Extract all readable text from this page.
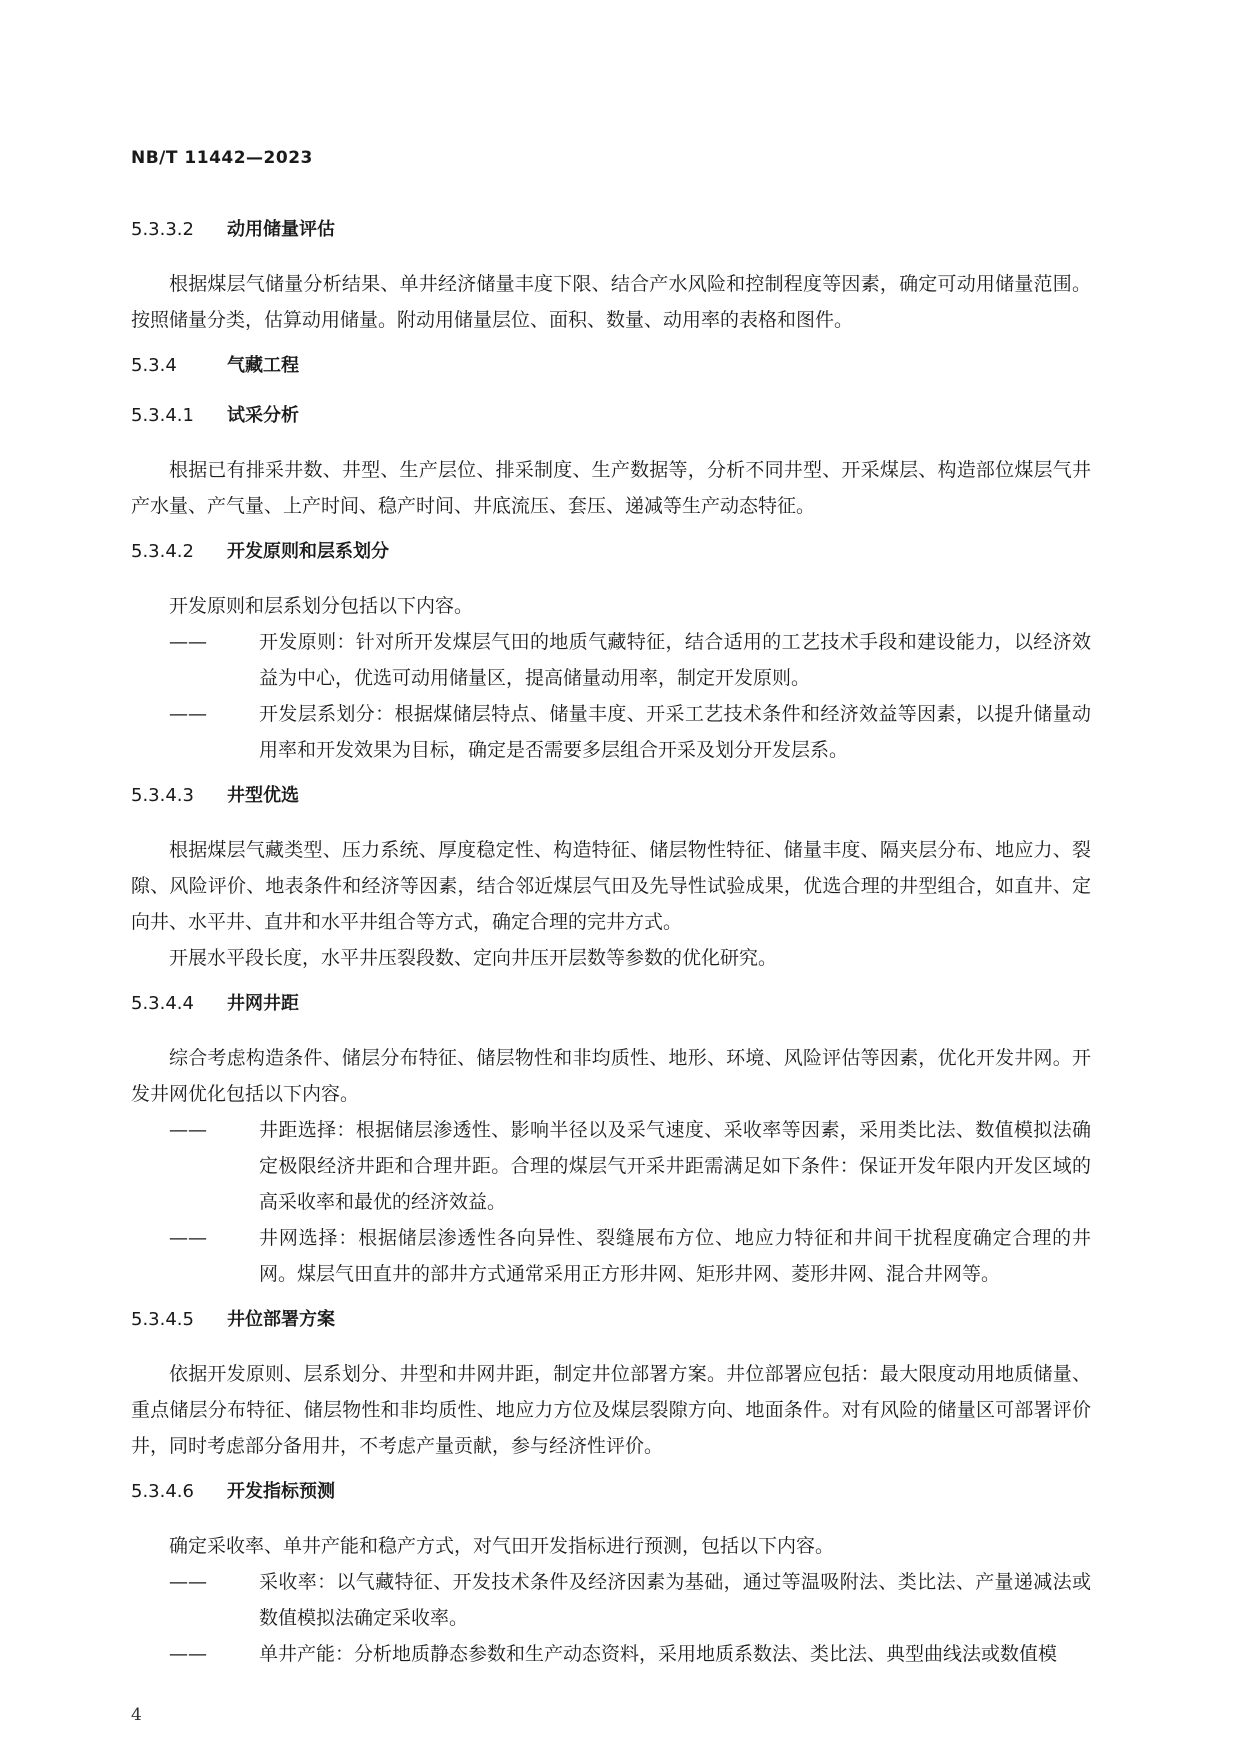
NB/T 11442—2023
5.3.3.2	动用储量评估
根据煤层气储量分析结果、单井经济储量丰度下限、结合产水风险和控制程度等因素，确定可动用储量范围。按照储量分类，估算动用储量。附动用储量层位、面积、数量、动用率的表格和图件。
5.3.4	气藏工程
5.3.4.1	试采分析
根据已有排采井数、井型、生产层位、排采制度、生产数据等，分析不同井型、开采煤层、构造部位煤层气井产水量、产气量、上产时间、稳产时间、井底流压、套压、递减等生产动态特征。
5.3.4.2	开发原则和层系划分
开发原则和层系划分包括以下内容。
——	开发原则：针对所开发煤层气田的地质气藏特征，结合适用的工艺技术手段和建设能力，以经济效益为中心，优选可动用储量区，提高储量动用率，制定开发原则。
——	开发层系划分：根据煤储层特点、储量丰度、开采工艺技术条件和经济效益等因素，以提升储量动用率和开发效果为目标，确定是否需要多层组合开采及划分开发层系。
5.3.4.3	井型优选
根据煤层气藏类型、压力系统、厚度稳定性、构造特征、储层物性特征、储量丰度、隔夹层分布、地应力、裂隙、风险评价、地表条件和经济等因素，结合邻近煤层气田及先导性试验成果，优选合理的井型组合，如直井、定向井、水平井、直井和水平井组合等方式，确定合理的完井方式。
开展水平段长度，水平井压裂段数、定向井压开层数等参数的优化研究。
5.3.4.4	井网井距
综合考虑构造条件、储层分布特征、储层物性和非均质性、地形、环境、风险评估等因素，优化开发井网。开发井网优化包括以下内容。
——	井距选择：根据储层渗透性、影响半径以及采气速度、采收率等因素，采用类比法、数值模拟法确定极限经济井距和合理井距。合理的煤层气开采井距需满足如下条件：保证开发年限内开发区域的高采收率和最优的经济效益。
——	井网选择：根据储层渗透性各向异性、裂缝展布方位、地应力特征和井间干扰程度确定合理的井网。煤层气田直井的部井方式通常采用正方形井网、矩形井网、菱形井网、混合井网等。
5.3.4.5	井位部署方案
依据开发原则、层系划分、井型和井网井距，制定井位部署方案。井位部署应包括：最大限度动用地质储量、重点储层分布特征、储层物性和非均质性、地应力方位及煤层裂隙方向、地面条件。对有风险的储量区可部署评价井，同时考虑部分备用井，不考虑产量贡献，参与经济性评价。
5.3.4.6	开发指标预测
确定采收率、单井产能和稳产方式，对气田开发指标进行预测，包括以下内容。
——	采收率：以气藏特征、开发技术条件及经济因素为基础，通过等温吸附法、类比法、产量递减法或数值模拟法确定采收率。
——	单井产能：分析地质静态参数和生产动态资料，采用地质系数法、类比法、典型曲线法或数值模
4
